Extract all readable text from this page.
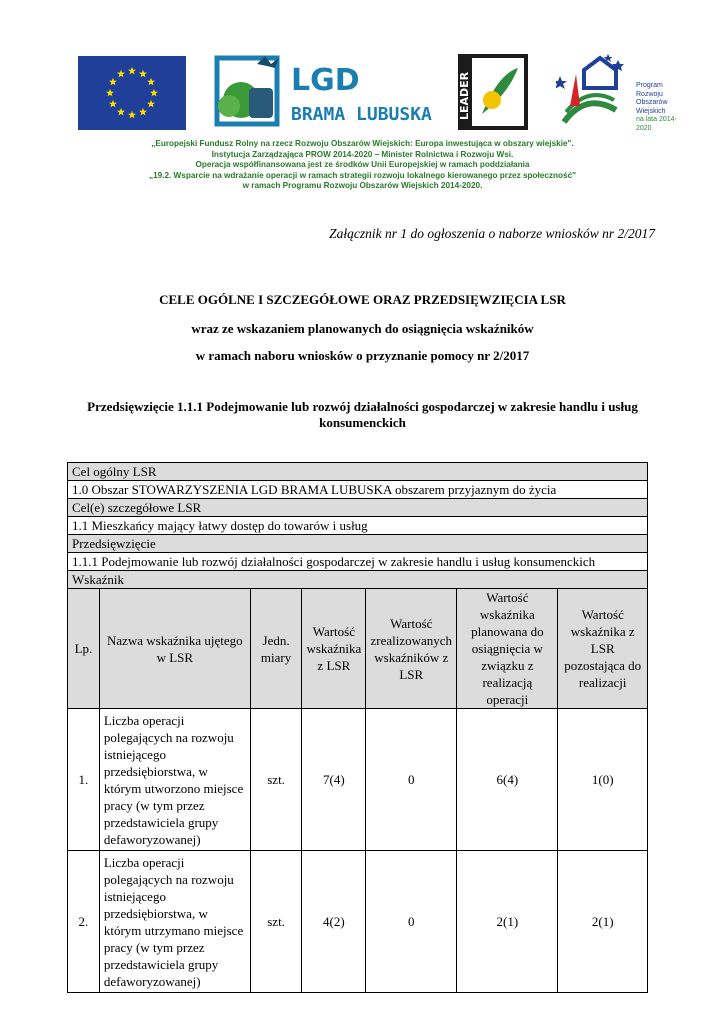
LGD
BRAMA LUBUSKA LEADER	Program
Rozwoju
Obszarów
Wiejskich
na lata 2014-2020
„Europejski Fundusz Rolny na rzecz Rozwoju Obszarów Wiejskich: Europa inwestująca w obszary wiejskie".
Instytucja Zarządzająca PROW 2014-2020 – Minister Rolnictwa i Rozwoju Wsi.
Operacja współfinansowana jest ze środków Unii Europejskiej w ramach poddziałania
„19.2. Wsparcie na wdrażanie operacji w ramach strategii rozwoju lokalnego kierowanego przez społeczność"
w ramach Programu Rozwoju Obszarów Wiejskich 2014-2020.
Załącznik nr 1 do ogłoszenia o naborze wniosków nr 2/2017
CELE OGÓLNE I SZCZEGÓŁOWE ORAZ PRZEDSIĘWZIĘCIA LSR
wraz ze wskazaniem planowanych do osiągnięcia wskaźników
w ramach naboru wniosków o przyznanie pomocy nr 2/2017
Przedsięwzięcie 1.1.1 Podejmowanie lub rozwój działalności gospodarczej w zakresie handlu i usług konsumenckich
Cel ogólny LSR						
1.0 Obszar STOWARZYSZENIA LGD BRAMA LUBUSKA obszarem przyjaznym do życia						
Cel(e) szczegółowe LSR						
1.1 Mieszkańcy mający łatwy dostęp do towarów i usług						
Przedsięwzięcie						
1.1.1 Podejmowanie lub rozwój działalności gospodarczej w zakresie handlu i usług konsumenckich						
Wskaźnik						
Lp.	Nazwa wskaźnika ujętego w LSR	Jedn. miary	Wartość wskaźnika z LSR	Wartość zrealizowanych wskaźników z LSR	Wartość wskaźnika planowana do osiągnięcia w związku z realizacją operacji	Wartość wskaźnika z LSR pozostająca do realizacji
1.	Liczba operacji polegających na rozwoju istniejącego przedsiębiorstwa, w którym utworzono miejsce pracy (w tym przez przedstawiciela grupy defaworyzowanej)	szt.	7(4)	0	6(4)	1(0)
2.	Liczba operacji polegających na rozwoju istniejącego przedsiębiorstwa, w którym utrzymano miejsce pracy (w tym przez przedstawiciela grupy defaworyzowanej)	szt.	4(2)	0	2(1)	2(1)
